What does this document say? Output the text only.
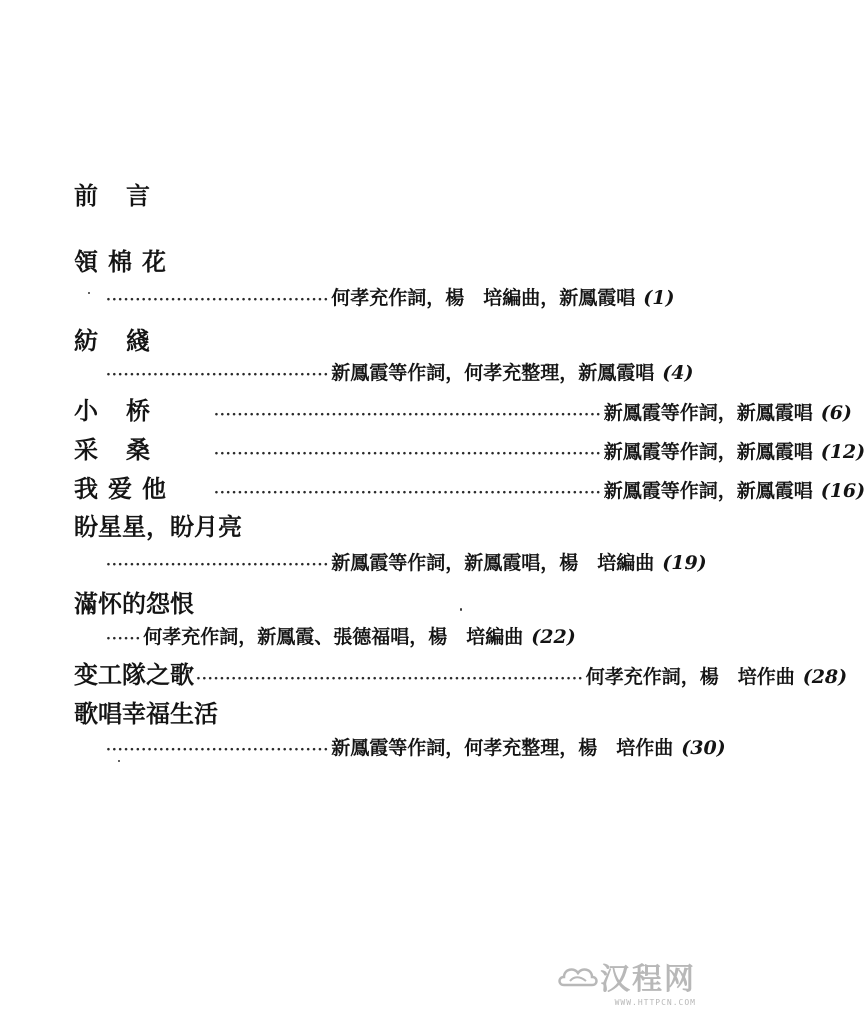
前言
領棉花
······································ 何孝充作詞，楊　培編曲，新鳳霞唱 (1)
紡綫
······································ 新鳳霞等作詞，何孝充整理，新鳳霞唱 (4)
小桥	·································································· 新鳳霞等作詞，新鳳霞唱 (6)
采桑	·································································· 新鳳霞等作詞，新鳳霞唱 (12)
我爱他	·································································· 新鳳霞等作詞，新鳳霞唱 (16)
盼星星，盼月亮
······································ 新鳳霞等作詞，新鳳霞唱，楊　培編曲 (19)
滿怀的怨恨
······ 何孝充作詞，新鳳霞、張德福唱，楊　培編曲 (22)
变工隊之歌 ·································································· 何孝充作詞，楊　培作曲 (28)
歌唱幸福生活
······································ 新鳳霞等作詞，何孝充整理，楊　培作曲 (30)
汉程网
WWW.HTTPCN.COM
